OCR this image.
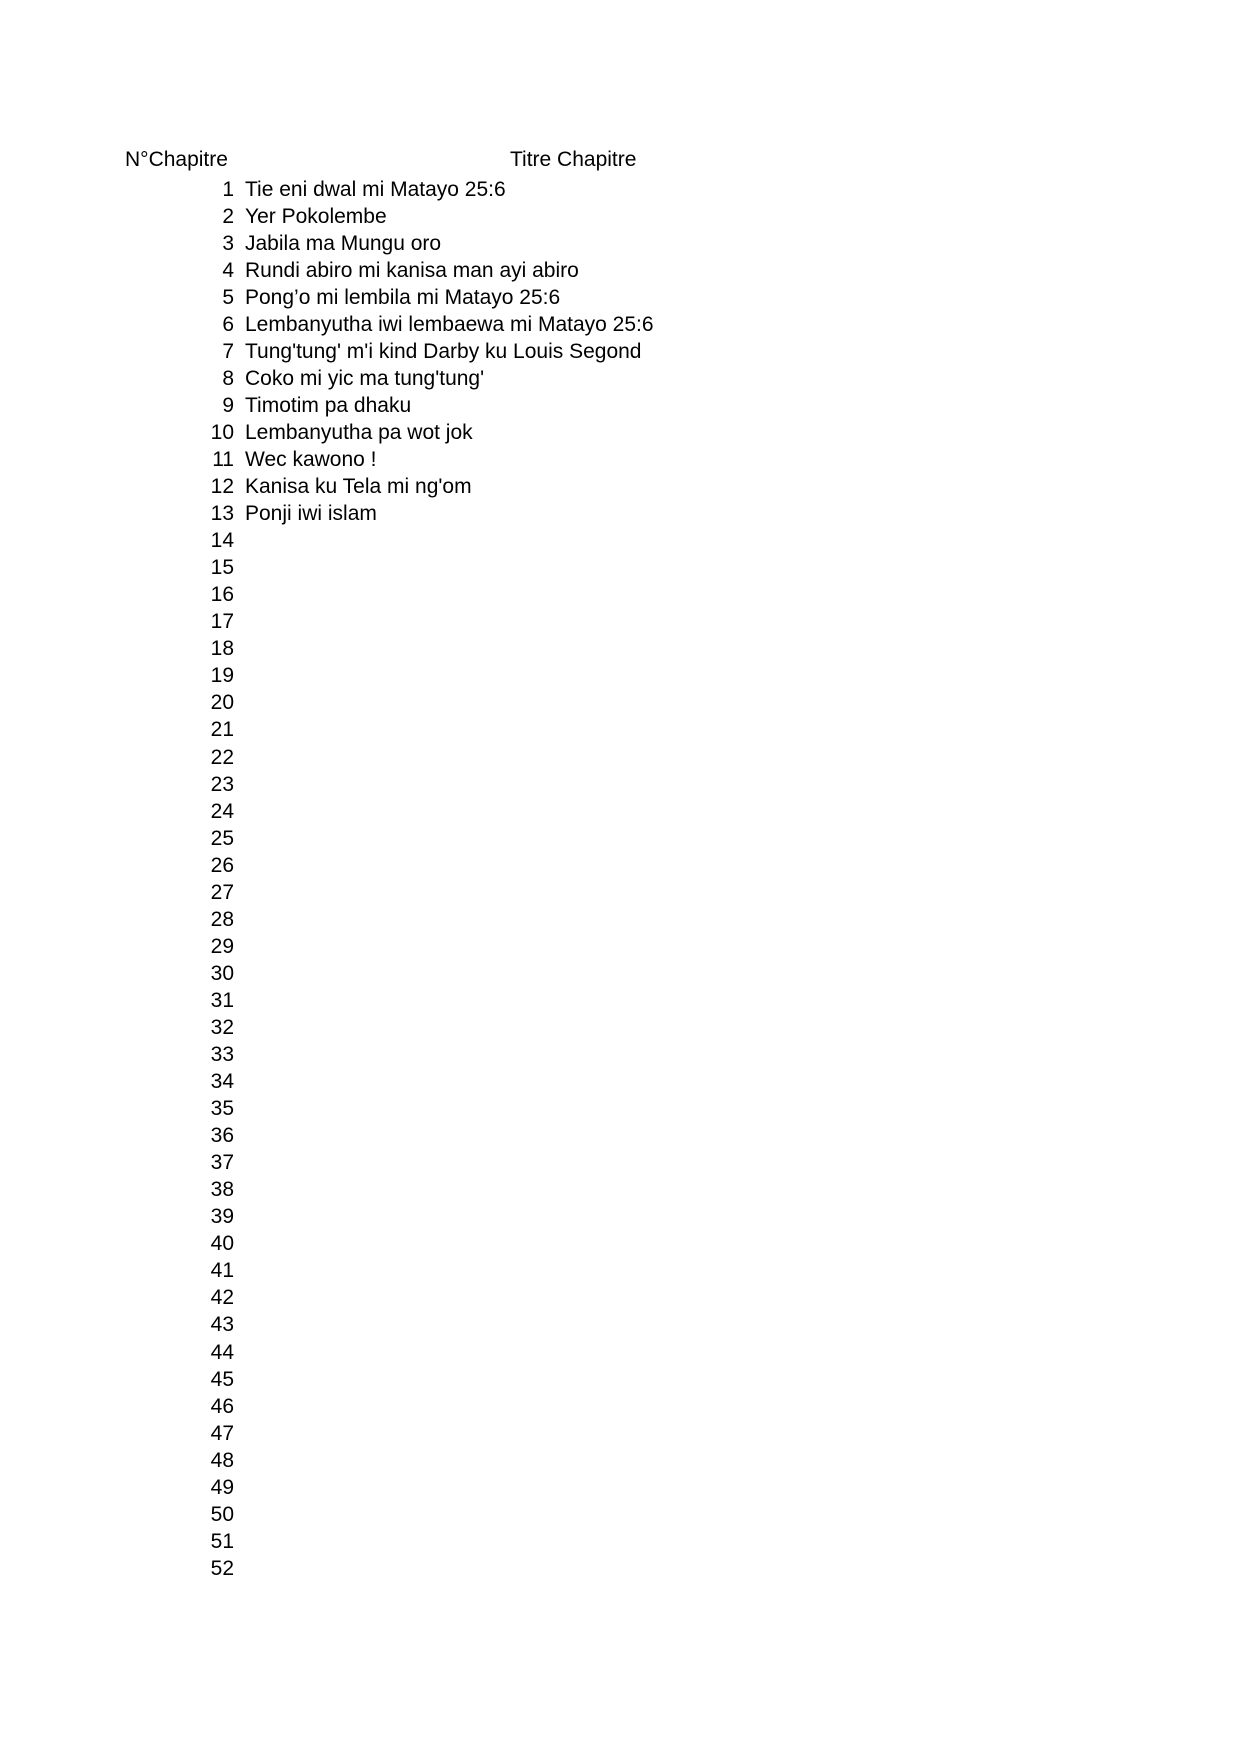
N°Chapitre	Titre Chapitre
1 Tie eni dwal mi Matayo 25:6
2 Yer Pokolembe
3 Jabila ma Mungu oro
4 Rundi abiro mi kanisa man ayi abiro
5 Pong’o mi lembila mi Matayo 25:6
6 Lembanyutha iwi lembaewa mi Matayo 25:6
7 Tung'tung' m'i kind Darby ku Louis Segond
8 Coko mi yic ma tung'tung'
9 Timotim pa dhaku
10 Lembanyutha pa wot jok
11 Wec kawono !
12 Kanisa ku Tela mi ng'om
13 Ponji iwi islam
14
15
16
17
18
19
20
21
22
23
24
25
26
27
28
29
30
31
32
33
34
35
36
37
38
39
40
41
42
43
44
45
46
47
48
49
50
51
52
